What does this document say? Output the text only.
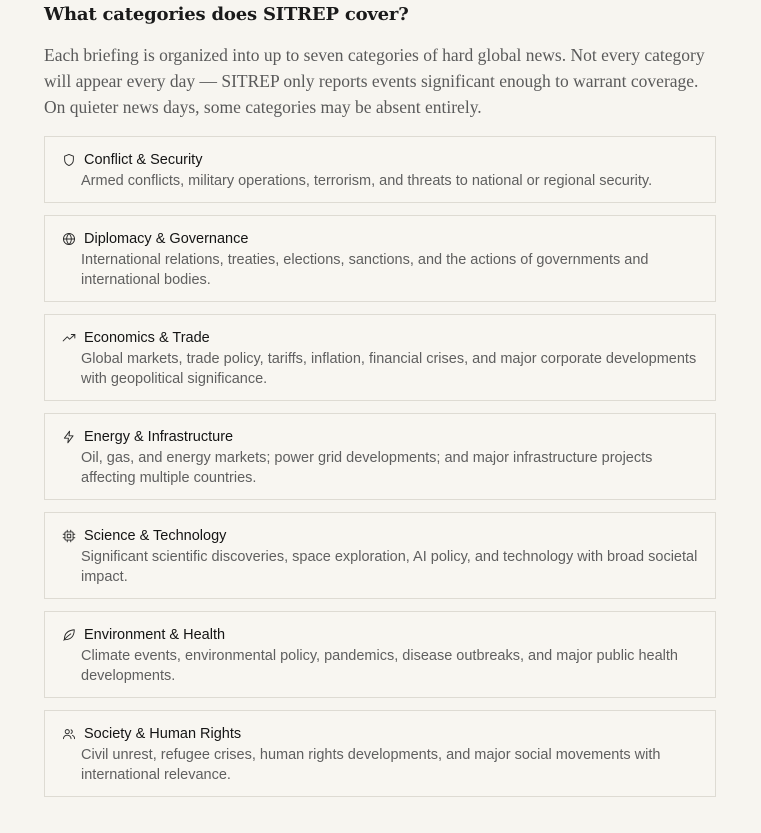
What categories does SITREP cover?

Each briefing is organized into up to seven categories of hard global news. Not every category will appear every day — SITREP only reports events significant enough to warrant coverage. On quieter news days, some categories may be absent entirely.

Conflict & Security

Armed conflicts, military operations, terrorism, and threats to national or regional security.

Diplomacy & Governance

International relations, treaties, elections, sanctions, and the actions of governments and international bodies.

Economics & Trade

Global markets, trade policy, tariffs, inflation, financial crises, and major corporate developments with geopolitical significance.

Energy & Infrastructure

Oil, gas, and energy markets; power grid developments; and major infrastructure projects affecting multiple countries.

Science & Technology

Significant scientific discoveries, space exploration, AI policy, and technology with broad societal impact.

Environment & Health

Climate events, environmental policy, pandemics, disease outbreaks, and major public health developments.

Society & Human Rights

Civil unrest, refugee crises, human rights developments, and major social movements with international relevance.
